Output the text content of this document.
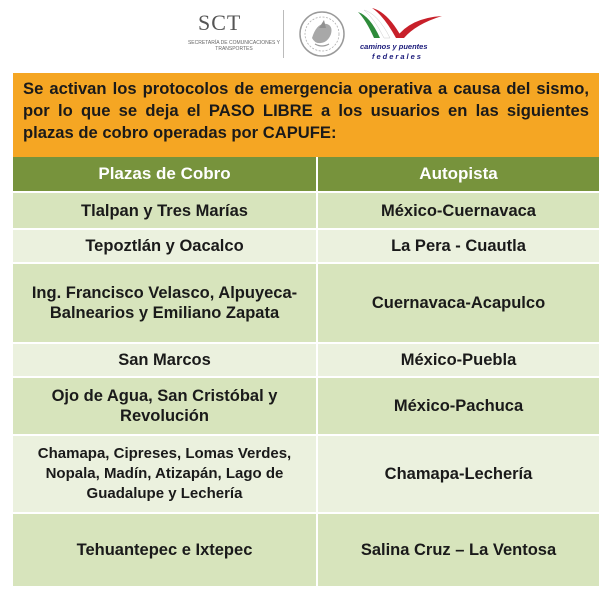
SCT
SECRETARÍA DE COMUNICACIONES Y TRANSPORTES	caminos y puentes
federales
Se activan los protocolos de emergencia operativa a causa del sismo, por lo que se deja el PASO LIBRE a los usuarios en las siguientes plazas de cobro operadas por CAPUFE:
Plazas de Cobro	Autopista
Tlalpan y Tres Marías	México-Cuernavaca
Tepoztlán y Oacalco	La Pera - Cuautla
Ing. Francisco Velasco, Alpuyeca-Balnearios y Emiliano Zapata	Cuernavaca-Acapulco
San Marcos	México-Puebla
Ojo de Agua, San Cristóbal y Revolución	México-Pachuca
Chamapa, Cipreses, Lomas Verdes, Nopala, Madín, Atizapán, Lago de Guadalupe y Lechería	Chamapa-Lechería
Tehuantepec e Ixtepec	Salina Cruz – La Ventosa
